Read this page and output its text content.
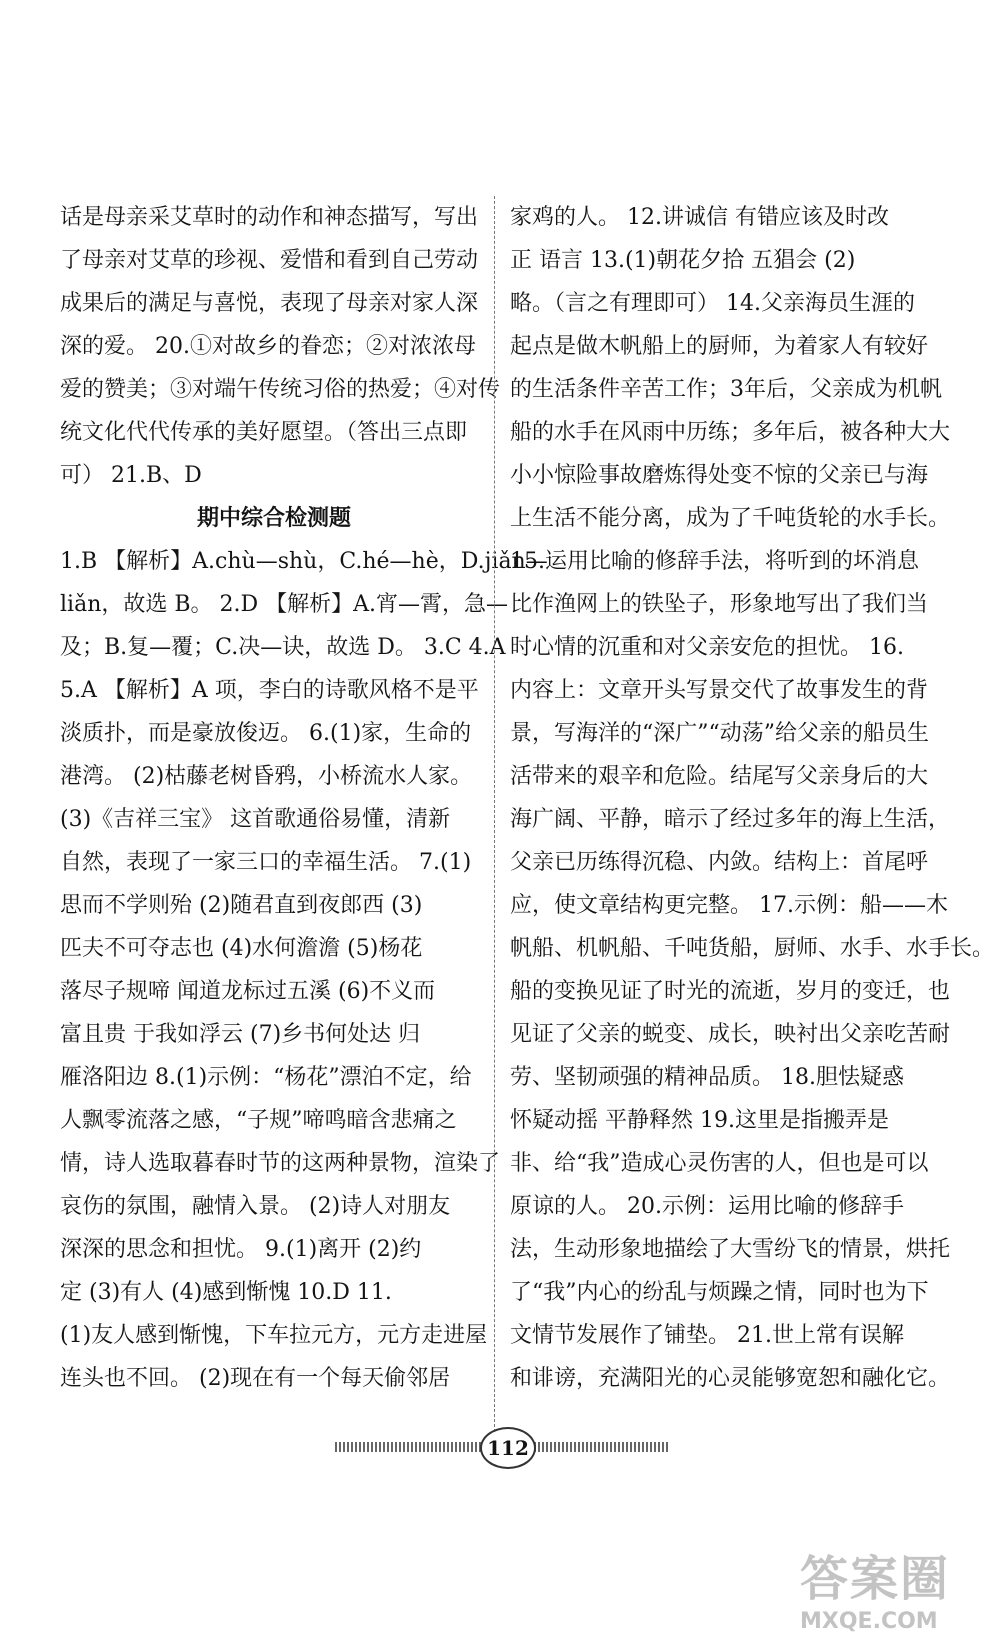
话是母亲采艾草时的动作和神态描写，写出
了母亲对艾草的珍视、爱惜和看到自己劳动
成果后的满足与喜悦，表现了母亲对家人深
深的爱。 20.①对故乡的眷恋；②对浓浓母
爱的赞美；③对端午传统习俗的热爱；④对传
统文化代代传承的美好愿望。（答出三点即
可） 21.B、D
期中综合检测题
1.B 【解析】A.chù—shù，C.hé—hè，D.jiǎn—
liǎn，故选 B。 2.D 【解析】A.宵—霄，急—
及；B.复—覆；C.决—诀，故选 D。 3.C 4.A
5.A 【解析】A 项，李白的诗歌风格不是平
淡质扑，而是豪放俊迈。 6.(1)家，生命的
港湾。 (2)枯藤老树昏鸦，小桥流水人家。
(3)《吉祥三宝》 这首歌通俗易懂，清新
自然，表现了一家三口的幸福生活。 7.(1)
思而不学则殆 (2)随君直到夜郎西 (3)
匹夫不可夺志也 (4)水何澹澹 (5)杨花
落尽子规啼 闻道龙标过五溪 (6)不义而
富且贵 于我如浮云 (7)乡书何处达 归
雁洛阳边 8.(1)示例：“杨花”漂泊不定，给
人飘零流落之感，“子规”啼鸣暗含悲痛之
情，诗人选取暮春时节的这两种景物，渲染了
哀伤的氛围，融情入景。 (2)诗人对朋友
深深的思念和担忧。 9.(1)离开 (2)约
定 (3)有人 (4)感到惭愧 10.D 11.
(1)友人感到惭愧，下车拉元方，元方走进屋
连头也不回。 (2)现在有一个每天偷邻居
家鸡的人。 12.讲诚信 有错应该及时改
正 语言 13.(1)朝花夕拾 五猖会 (2)
略。（言之有理即可） 14.父亲海员生涯的
起点是做木帆船上的厨师，为着家人有较好
的生活条件辛苦工作；3年后，父亲成为机帆
船的水手在风雨中历练；多年后，被各种大大
小小惊险事故磨炼得处变不惊的父亲已与海
上生活不能分离，成为了千吨货轮的水手长。
15.运用比喻的修辞手法，将听到的坏消息
比作渔网上的铁坠子，形象地写出了我们当
时心情的沉重和对父亲安危的担忧。 16.
内容上：文章开头写景交代了故事发生的背
景，写海洋的“深广”“动荡”给父亲的船员生
活带来的艰辛和危险。结尾写父亲身后的大
海广阔、平静，暗示了经过多年的海上生活，
父亲已历练得沉稳、内敛。结构上：首尾呼
应，使文章结构更完整。 17.示例：船——木
帆船、机帆船、千吨货船，厨师、水手、水手长。
船的变换见证了时光的流逝，岁月的变迁，也
见证了父亲的蜕变、成长，映衬出父亲吃苦耐
劳、坚韧顽强的精神品质。 18.胆怯疑惑
怀疑动摇 平静释然 19.这里是指搬弄是
非、给“我”造成心灵伤害的人，但也是可以
原谅的人。 20.示例：运用比喻的修辞手
法，生动形象地描绘了大雪纷飞的情景，烘托
了“我”内心的纷乱与烦躁之情，同时也为下
文情节发展作了铺垫。 21.世上常有误解
和诽谤，充满阳光的心灵能够宽恕和融化它。
112
答案圈
MXQE.COM
